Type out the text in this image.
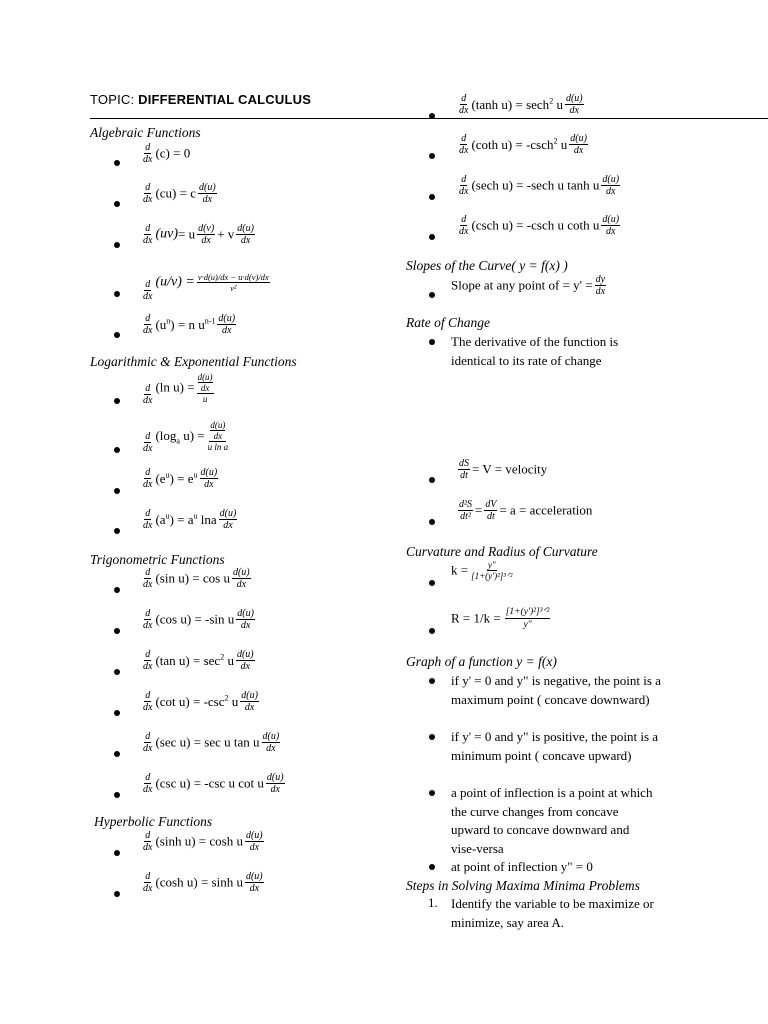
TOPIC: DIFFERENTIAL CALCULUS
Algebraic Functions
$\frac{d}{dx} (c) = 0$
$\frac{d}{dx} (cu) = c \frac{d(u)}{dx}$
$\frac{d}{dx} (uv)= u \frac{d(v)}{dx} + v \frac{d(u)}{dx}$
$\frac{d}{dx} (u/v) = \frac{v\cdot d(u)/dx - u\cdot d(v)/dx}{\text{v²}}$
$\frac{d}{dx} (u^n) = n$ $u^{n-1} \frac{d(u)}{dx}$
Logarithmic & Exponential Functions
$\frac{d}{dx} (\ln$ u) = d(u)
dx
u
$\frac{d}{dx} (\log_a$ u) = d(u)
dx
u ln a
$\frac{d}{dx} (e^u) = e^u \frac{d(u)}{dx}$
$\frac{d}{dx} (a^u) = a^u$ lna $\frac{d(u)}{dx}$
Trigonometric Functions
$\frac{d}{dx} (\sin$ u) = cos u $\frac{d(u)}{dx}$
$\frac{d}{dx} (\cos$ u) = -sin u $\frac{d(u)}{dx}$
$\frac{d}{dx} (\tan$ $u) = \sec^2 u \frac{d(u)}{dx}$
$\frac{d}{dx} (\cot$ $u) = -\csc^2$ u $\frac{d(u)}{dx}$
$\frac{d}{dx} (\sec$ u) = sec u tan u $\frac{d(u)}{dx}$
$\frac{d}{dx} (\csc$ u) = -csc u cot u $\frac{d(u)}{dx}$
Hyperbolic Functions
$\frac{d}{dx} (\sinh$ u) = cosh u $\frac{d(u)}{dx}$
$\frac{d}{dx} (\cosh$ u) = sinh u $\frac{d(u)}{dx}$
$\frac{d}{dx} (\tanh$ u) = sech$^2$ u $\frac{d(u)}{dx}$
$\frac{d}{dx} (\cot h$ u) = -csch$^2$ u $\frac{d(u)}{dx}$
$\frac{d}{dx} (\sec h$ u) = -sech u tanh u $\frac{d(u)}{dx}$
$\frac{d}{dx} (\csc h$ u) = -csch u coth u $\frac{d(u)}{dx}$
Slopes of the Curve( y = f(x) )
Slope at any point of = $y' = \frac{dy}{dx}$
Rate of Change
The derivative of the function is identical to its rate of change
$\frac{dS}{dt} = V$ = velocity
$\frac{\text{d²S}}{\text{dt²}} = \frac{dV}{dt} = a$ = acceleration
Curvature and Radius of Curvature
$k = \frac{y"}{\text{[1+(y')²]³ᐟ²}}$
$R = 1/k = \frac{\text{[1+(y')²]³ᐟ²}}{y"}$
Graph of a function y = f(x)
if y' = 0 and y" is negative, the point is a maximum point ( concave downward)
if y' = 0 and y" is positive, the point is a minimum point ( concave upward)
a point of inflection is a point at which the curve changes from concave upward to concave downward and vise-versa
at point of inflection y" = 0
Steps in Solving Maxima Minima Problems
1. Identify the variable to be maximize or minimize, say area A.
